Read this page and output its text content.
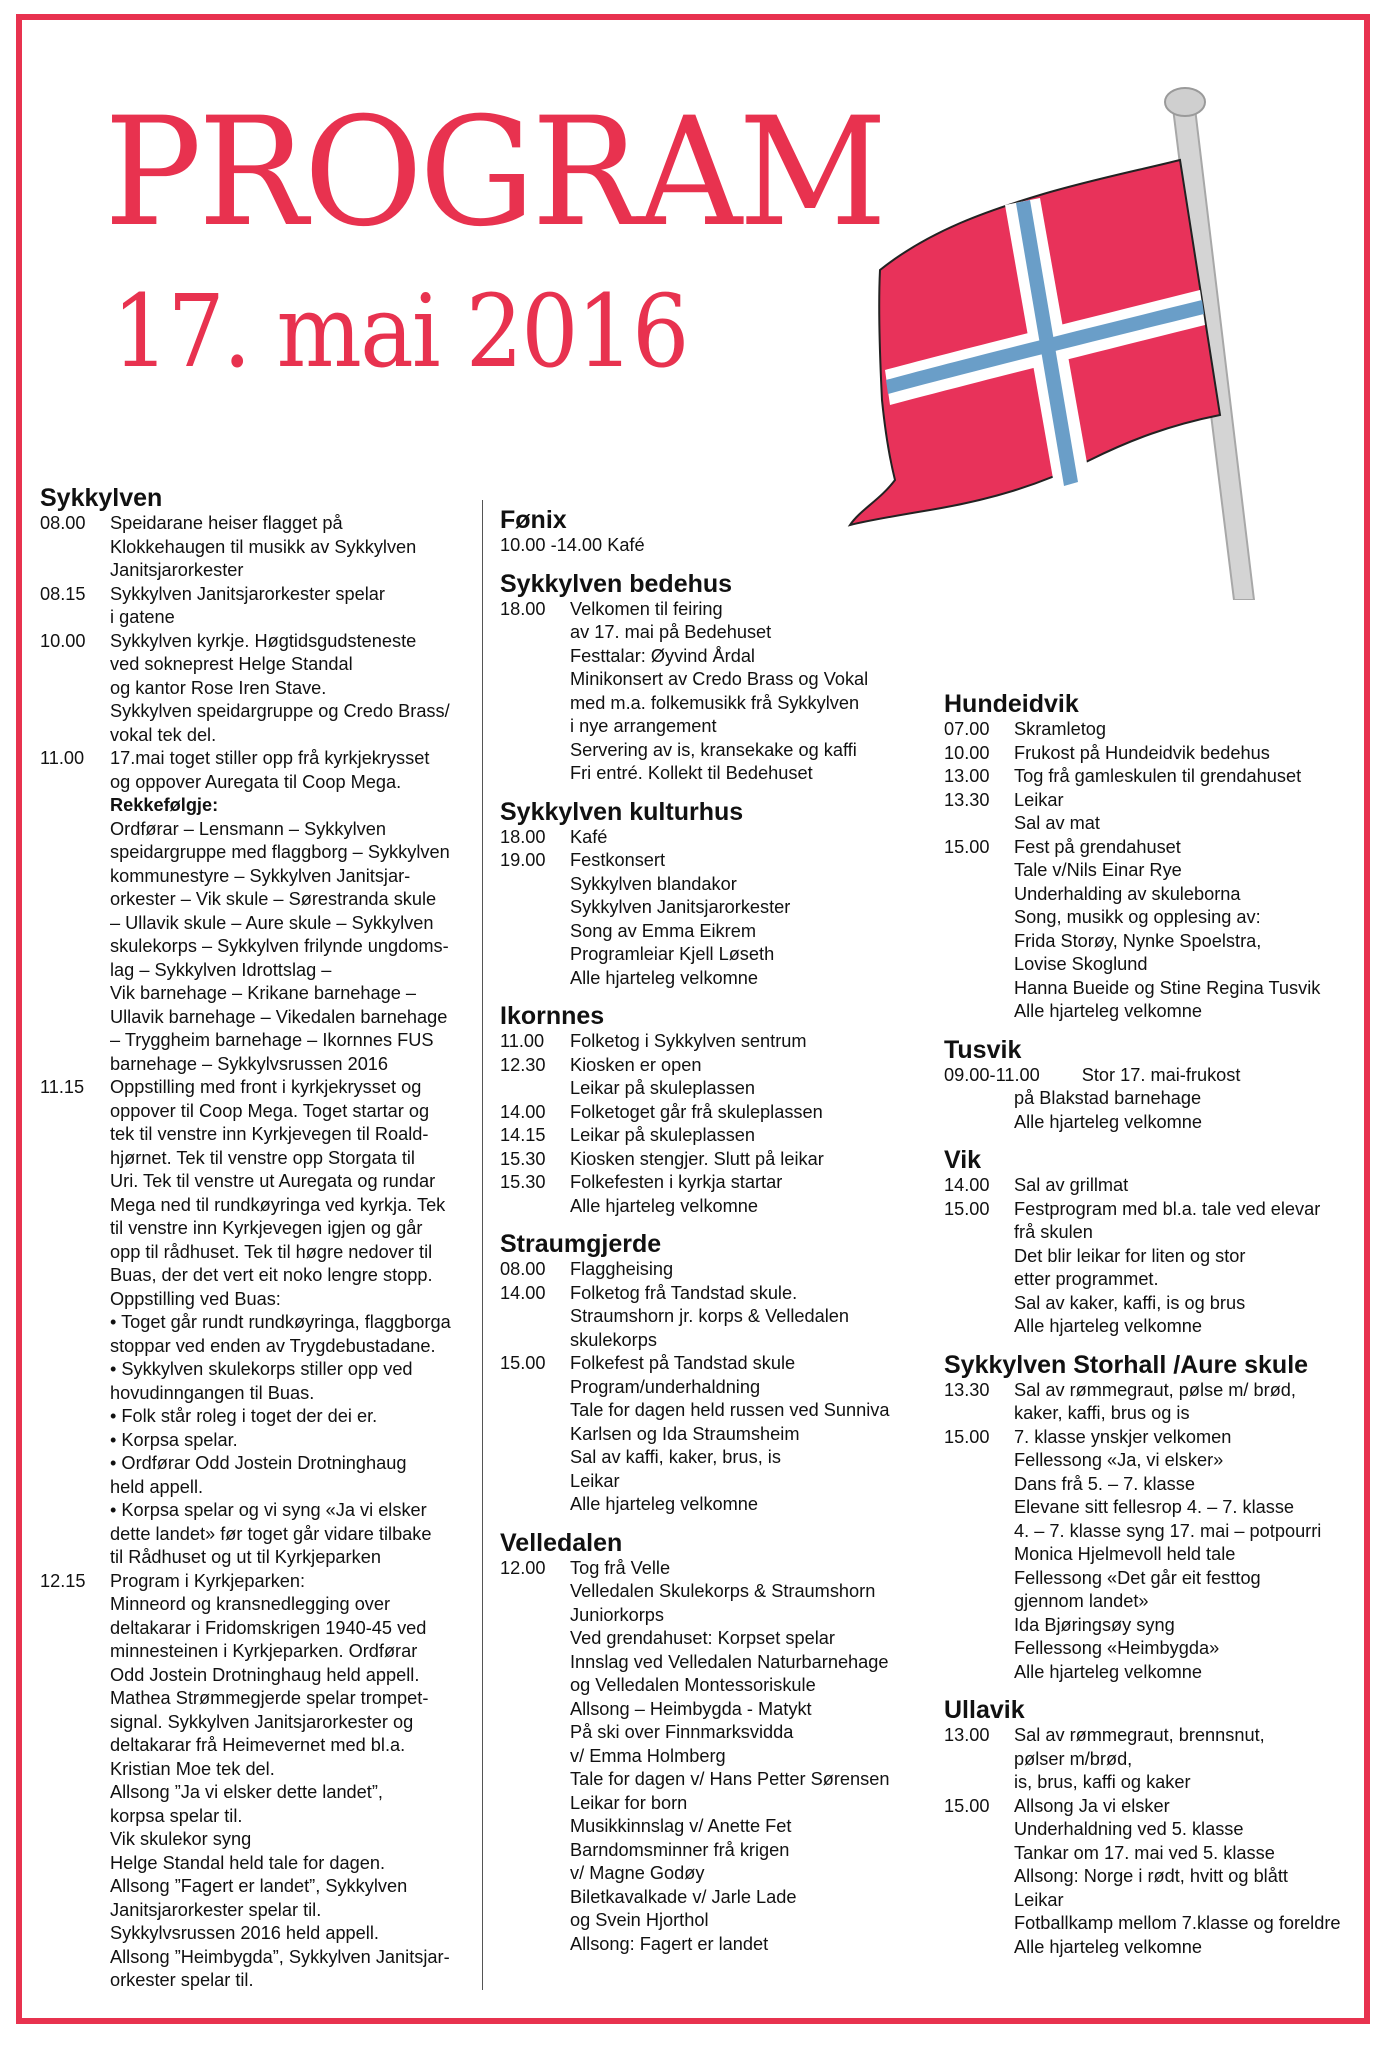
PROGRAM
17. mai 2016
Sykkylven
08.00	Speidarane heiser flagget på
Klokkehaugen til musikk av Sykkylven
Janitsjarorkester
08.15	Sykkylven Janitsjarorkester spelar
i gatene
10.00	Sykkylven kyrkje. Høgtidsgudsteneste
ved sokneprest Helge Standal
og kantor Rose Iren Stave.
Sykkylven speidargruppe og Credo Brass/
vokal tek del.
11.00	17.mai toget stiller opp frå kyrkjekrysset
og oppover Auregata til Coop Mega.
Rekkefølgje:
Ordførar – Lensmann – Sykkylven
speidargruppe med flaggborg – Sykkylven
kommunestyre – Sykkylven Janitsjar-
orkester – Vik skule – Sørestranda skule
– Ullavik skule – Aure skule – Sykkylven
skulekorps – Sykkylven frilynde ungdoms-
lag – Sykkylven Idrottslag –
Vik barnehage – Krikane barnehage –
Ullavik barnehage – Vikedalen barnehage
– Tryggheim barnehage – Ikornnes FUS
barnehage – Sykkylvsrussen 2016
11.15	Oppstilling med front i kyrkjekrysset og
oppover til Coop Mega. Toget startar og
tek til venstre inn Kyrkjevegen til Roald-
hjørnet. Tek til venstre opp Storgata til
Uri. Tek til venstre ut Auregata og rundar
Mega ned til rundkøyringa ved kyrkja. Tek
til venstre inn Kyrkjevegen igjen og går
opp til rådhuset. Tek til høgre nedover til
Buas, der det vert eit noko lengre stopp.
Oppstilling ved Buas:
• Toget går rundt rundkøyringa, flaggborga
stoppar ved enden av Trygdebustadane.
• Sykkylven skulekorps stiller opp ved
hovudinngangen til Buas.
• Folk står roleg i toget der dei er.
• Korpsa spelar.
• Ordførar Odd Jostein Drotninghaug
held appell.
• Korpsa spelar og vi syng «Ja vi elsker
dette landet» før toget går vidare tilbake
til Rådhuset og ut til Kyrkjeparken
12.15	Program i Kyrkjeparken:
Minneord og kransnedlegging over
deltakarar i Fridomskrigen 1940-45 ved
minnesteinen i Kyrkjeparken. Ordførar
Odd Jostein Drotninghaug held appell.
Mathea Strømmegjerde spelar trompet-
signal. Sykkylven Janitsjarorkester og
deltakarar frå Heimevernet med bl.a.
Kristian Moe tek del.
Allsong ”Ja vi elsker dette landet”,
korpsa spelar til.
Vik skulekor syng
Helge Standal held tale for dagen.
Allsong ”Fagert er landet”, Sykkylven
Janitsjarorkester spelar til.
Sykkylvsrussen 2016 held appell.
Allsong ”Heimbygda”, Sykkylven Janitsjar-
orkester spelar til.
Fønix
10.00 -14.00 Kafé
Sykkylven bedehus
18.00	Velkomen til feiring
av 17. mai på Bedehuset
Festtalar: Øyvind Årdal
Minikonsert av Credo Brass og Vokal
med m.a. folkemusikk frå Sykkylven
i nye arrangement
Servering av is, kransekake og kaffi
Fri entré. Kollekt til Bedehuset
Sykkylven kulturhus
18.00	Kafé
19.00	Festkonsert
Sykkylven blandakor
Sykkylven Janitsjarorkester
Song av Emma Eikrem
Programleiar Kjell Løseth
Alle hjarteleg velkomne
Ikornnes
11.00	Folketog i Sykkylven sentrum
12.30	Kiosken er open
Leikar på skuleplassen
14.00	Folketoget går frå skuleplassen
14.15	Leikar på skuleplassen
15.30	Kiosken stengjer. Slutt på leikar
15.30	Folkefesten i kyrkja startar
Alle hjarteleg velkomne
Straumgjerde
08.00	Flaggheising
14.00	Folketog frå Tandstad skule.
Straumshorn jr. korps & Velledalen
skulekorps
15.00	Folkefest på Tandstad skule
Program/underhaldning
Tale for dagen held russen ved Sunniva
Karlsen og Ida Straumsheim
Sal av kaffi, kaker, brus, is
Leikar
Alle hjarteleg velkomne
Velledalen
12.00	Tog frå Velle
Velledalen Skulekorps & Straumshorn
Juniorkorps
Ved grendahuset: Korpset spelar
Innslag ved Velledalen Naturbarnehage
og Velledalen Montessoriskule
Allsong – Heimbygda - Matykt
På ski over Finnmarksvidda
v/ Emma Holmberg
Tale for dagen v/ Hans Petter Sørensen
Leikar for born
Musikkinnslag v/ Anette Fet
Barndomsminner frå krigen
v/ Magne Godøy
Biletkavalkade v/ Jarle Lade
og Svein Hjorthol
Allsong: Fagert er landet
Hundeidvik
07.00	Skramletog
10.00	Frukost på Hundeidvik bedehus
13.00	Tog frå gamleskulen til grendahuset
13.30	Leikar
Sal av mat
15.00	Fest på grendahuset
Tale v/Nils Einar Rye
Underhalding av skuleborna
Song, musikk og opplesing av:
Frida Storøy, Nynke Spoelstra,
Lovise Skoglund
Hanna Bueide og Stine Regina Tusvik
Alle hjarteleg velkomne
Tusvik
09.00-11.00	Stor 17. mai-frukost
på Blakstad barnehage
Alle hjarteleg velkomne
Vik
14.00	Sal av grillmat
15.00	Festprogram med bl.a. tale ved elevar
frå skulen
Det blir leikar for liten og stor
etter programmet.
Sal av kaker, kaffi, is og brus
Alle hjarteleg velkomne
Sykkylven Storhall /Aure skule
13.30	Sal av rømmegraut, pølse m/ brød,
kaker, kaffi, brus og is
15.00	7. klasse ynskjer velkomen
Fellessong «Ja, vi elsker»
Dans frå 5. – 7. klasse
Elevane sitt fellesrop 4. – 7. klasse
4. – 7. klasse syng 17. mai – potpourri
Monica Hjelmevoll held tale
Fellessong «Det går eit festtog
gjennom landet»
Ida Bjøringsøy syng
Fellessong «Heimbygda»
Alle hjarteleg velkomne
Ullavik
13.00	Sal av rømmegraut, brennsnut,
pølser m/brød,
is, brus, kaffi og kaker
15.00	Allsong Ja vi elsker
Underhaldning ved 5. klasse
Tankar om 17. mai ved 5. klasse
Allsong: Norge i rødt, hvitt og blått
Leikar
Fotballkamp mellom 7.klasse og foreldre
Alle hjarteleg velkomne
